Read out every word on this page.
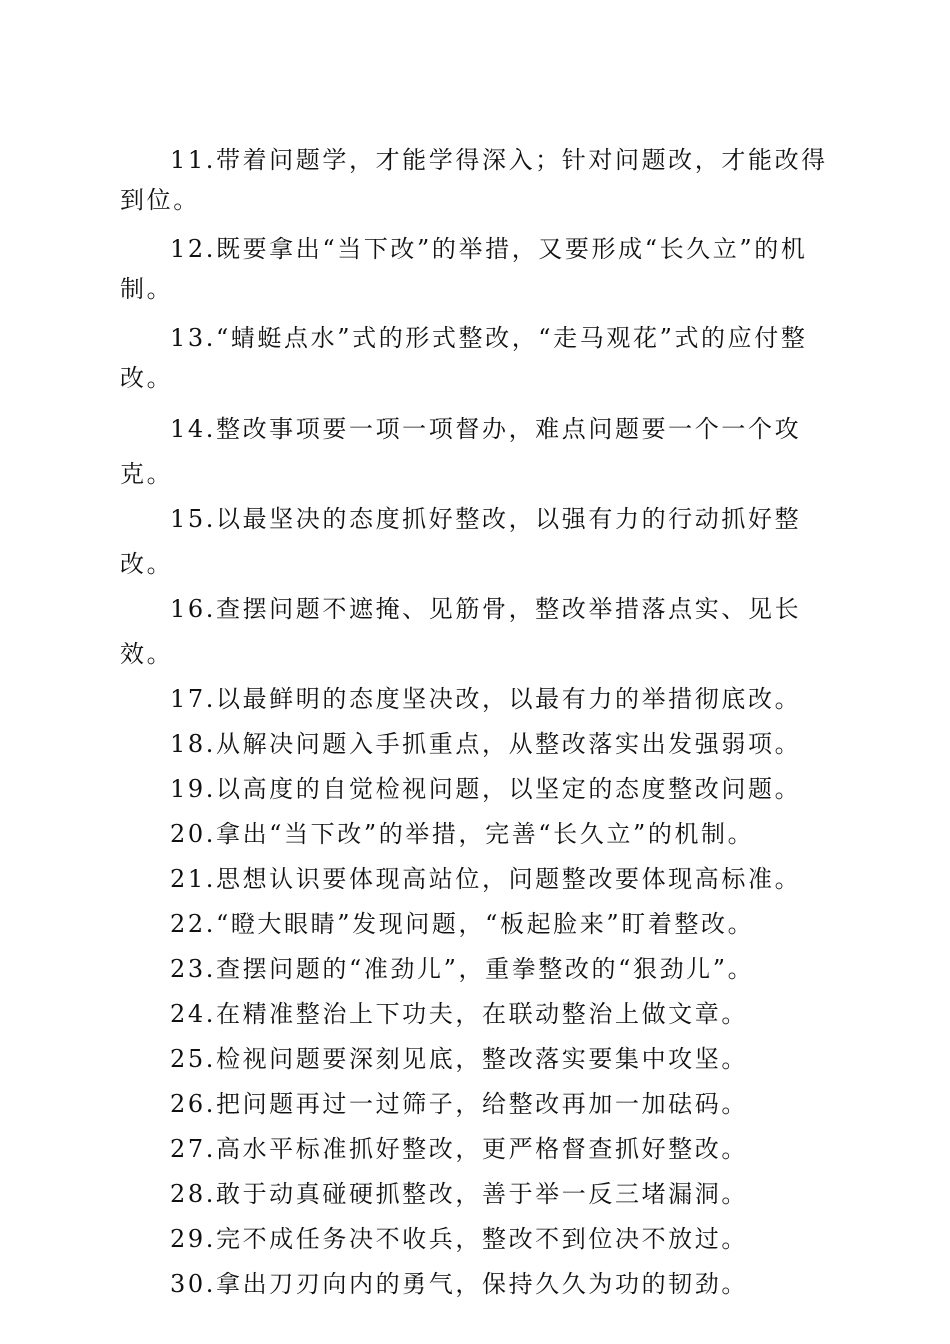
11.带着问题学，才能学得深入；针对问题改，才能改得到位。

12.既要拿出“当下改”的举措，又要形成“长久立”的机制。

13.“蜻蜓点水”式的形式整改，“走马观花”式的应付整改。

14.整改事项要一项一项督办，难点问题要一个一个攻克。

15.以最坚决的态度抓好整改，以强有力的行动抓好整改。

16.查摆问题不遮掩、见筋骨，整改举措落点实、见长效。

17.以最鲜明的态度坚决改，以最有力的举措彻底改。

18.从解决问题入手抓重点，从整改落实出发强弱项。

19.以高度的自觉检视问题，以坚定的态度整改问题。

20.拿出“当下改”的举措，完善“长久立”的机制。

21.思想认识要体现高站位，问题整改要体现高标准。

22.“瞪大眼睛”发现问题，“板起脸来”盯着整改。

23.查摆问题的“准劲儿”，重拳整改的“狠劲儿”。

24.在精准整治上下功夫，在联动整治上做文章。

25.检视问题要深刻见底，整改落实要集中攻坚。

26.把问题再过一过筛子，给整改再加一加砝码。

27.高水平标准抓好整改，更严格督查抓好整改。

28.敢于动真碰硬抓整改，善于举一反三堵漏洞。

29.完不成任务决不收兵，整改不到位决不放过。

30.拿出刀刃向内的勇气，保持久久为功的韧劲。
